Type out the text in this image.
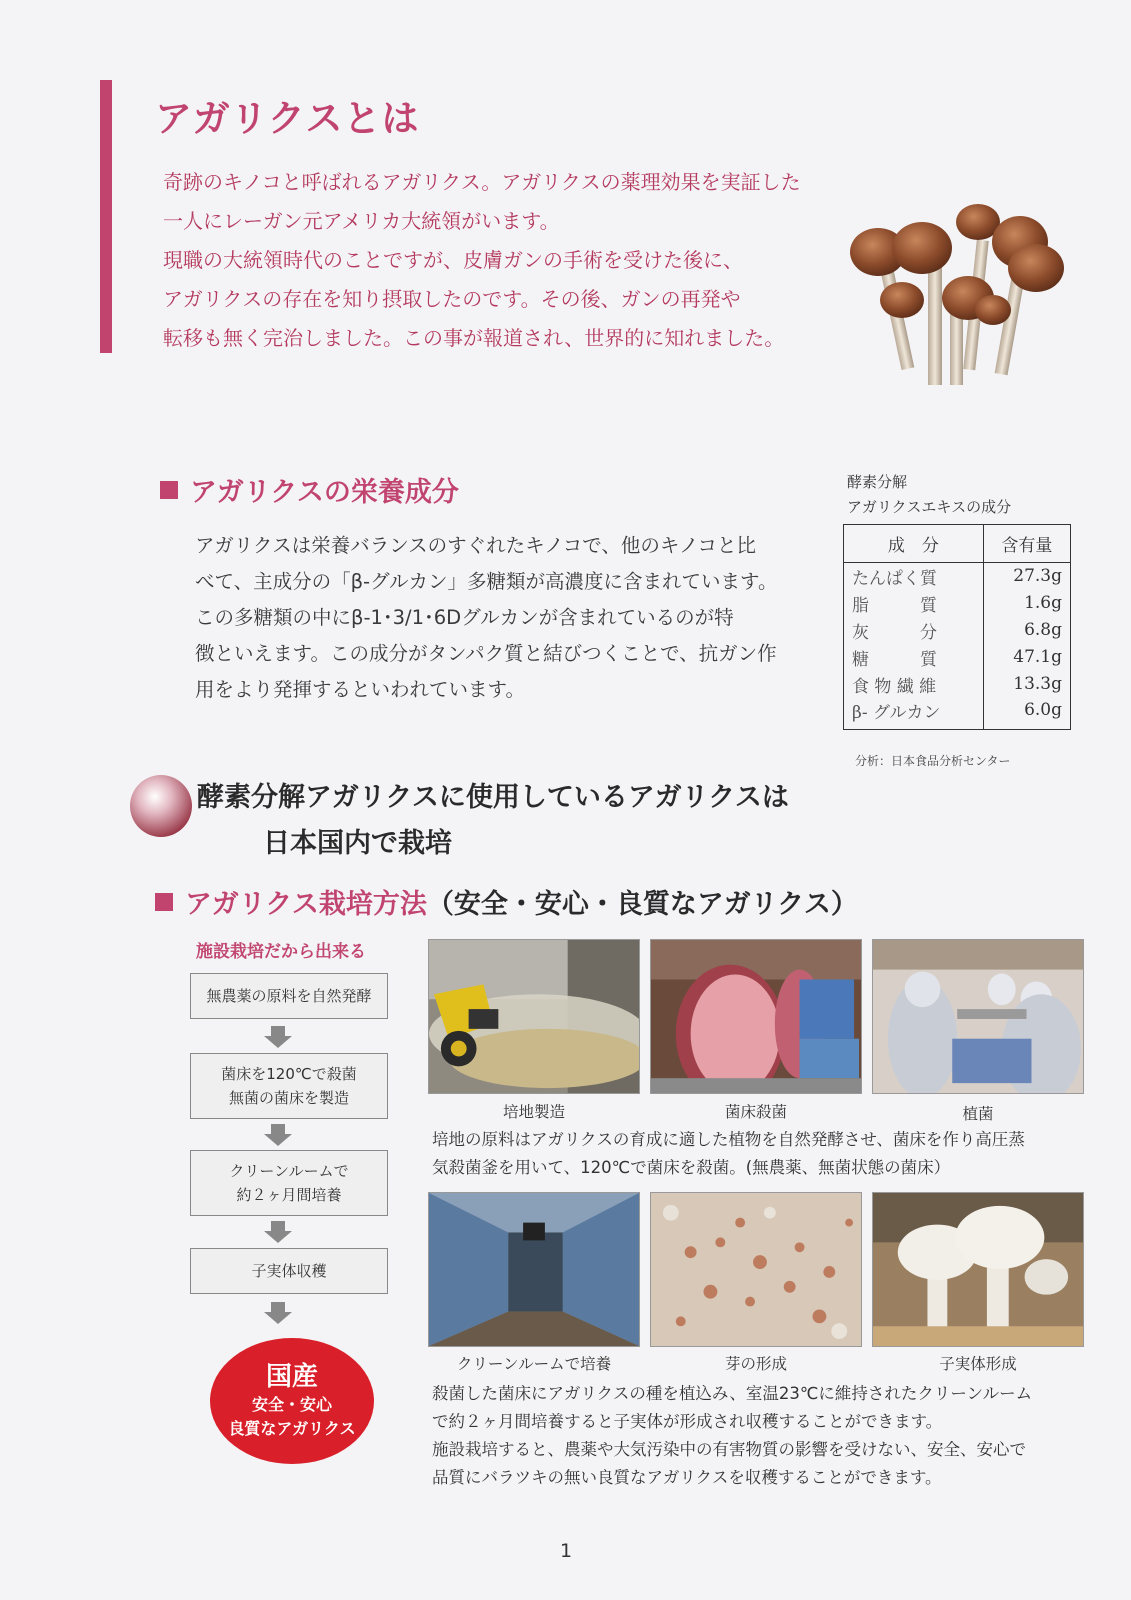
アガリクスとは
奇跡のキノコと呼ばれるアガリクス。アガリクスの薬理効果を実証した
一人にレーガン元アメリカ大統領がいます。
現職の大統領時代のことですが、皮膚ガンの手術を受けた後に、
アガリクスの存在を知り摂取したのです。その後、ガンの再発や
転移も無く完治しました。この事が報道され、世界的に知れました。
アガリクスの栄養成分
アガリクスは栄養バランスのすぐれたキノコで、他のキノコと比
べて、主成分の「β-グルカン」多糖類が高濃度に含まれています。
この多糖類の中にβ-1･3/1･6Dグルカンが含まれているのが特
徴といえます。この成分がタンパク質と結びつくことで、抗ガン作
用をより発揮するといわれています。
酵素分解
アガリクスエキスの成分
成　分	含有量
たんぱく質	27.3g
脂　　　質	1.6g
灰　　　分	6.8g
糖　　　質	47.1g
食 物 繊 維	13.3g
β- グルカン	6.0g
分析：日本食品分析センター
酵素分解アガリクスに使用しているアガリクスは
日本国内で栽培
アガリクス栽培方法（安全・安心・良質なアガリクス）
施設栽培だから出来る
無農薬の原料を自然発酵
菌床を120℃で殺菌
無菌の菌床を製造
クリーンルームで
約２ヶ月間培養
子実体収穫
国産
安全・安心
良質なアガリクス
培地製造	菌床殺菌	植菌
培地の原料はアガリクスの育成に適した植物を自然発酵させ、菌床を作り高圧蒸
気殺菌釜を用いて、120℃で菌床を殺菌。(無農薬、無菌状態の菌床）
クリーンルームで培養	芽の形成	子実体形成
殺菌した菌床にアガリクスの種を植込み、室温23℃に維持されたクリーンルーム
で約２ヶ月間培養すると子実体が形成され収穫することができます。
施設栽培すると、農薬や大気汚染中の有害物質の影響を受けない、安全、安心で
品質にバラツキの無い良質なアガリクスを収穫することができます。
1
